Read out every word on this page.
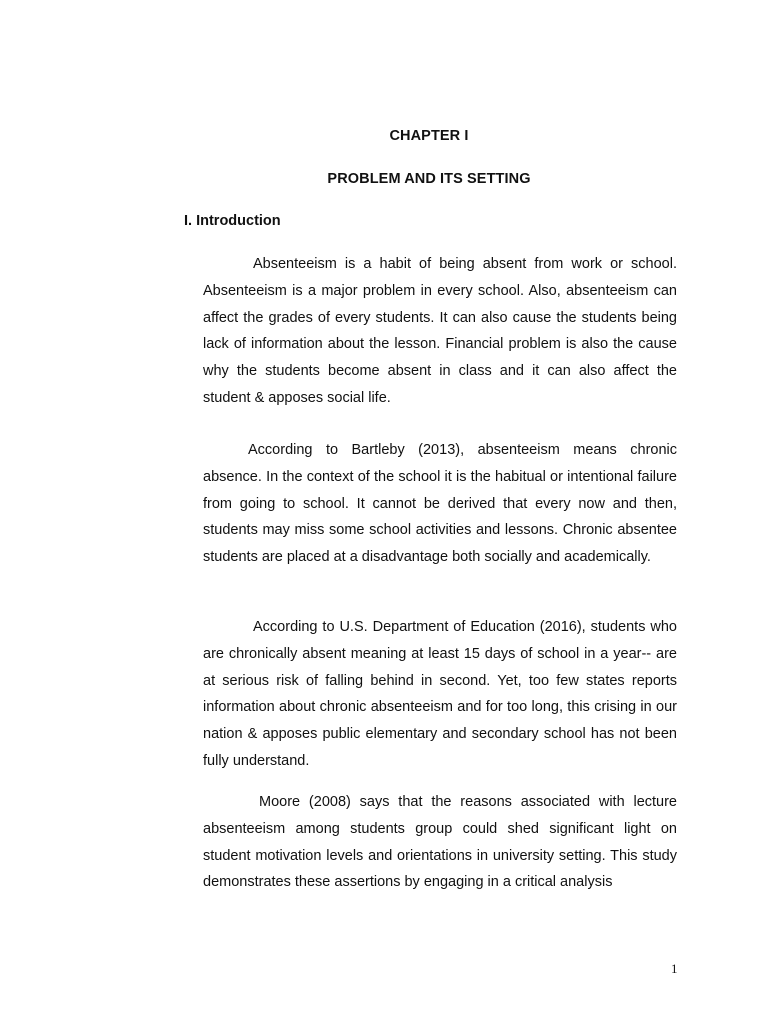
CHAPTER I
PROBLEM AND ITS SETTING
I. Introduction

Absenteeism is a habit of being absent from work or school. Absenteeism is a major problem in every school. Also, absenteeism can affect the grades of every students. It can also cause the students being lack of information about the lesson. Financial problem is also the cause why the students become absent in class and it can also affect the student & apposes social life.

According to Bartleby (2013), absenteeism means chronic absence. In the context of the school it is the habitual or intentional failure from going to school. It cannot be derived that every now and then, students may miss some school activities and lessons. Chronic absentee students are placed at a disadvantage both socially and academically.

According to U.S. Department of Education (2016), students who are chronically absent meaning at least 15 days of school in a year-- are at serious risk of falling behind in second. Yet, too few states reports information about chronic absenteeism and for too long, this crising in our nation & apposes public elementary and secondary school has not been fully understand.

Moore (2008) says that the reasons associated with lecture absenteeism among students group could shed significant light on student motivation levels and orientations in university setting. This study demonstrates these assertions by engaging in a critical analysis

1
